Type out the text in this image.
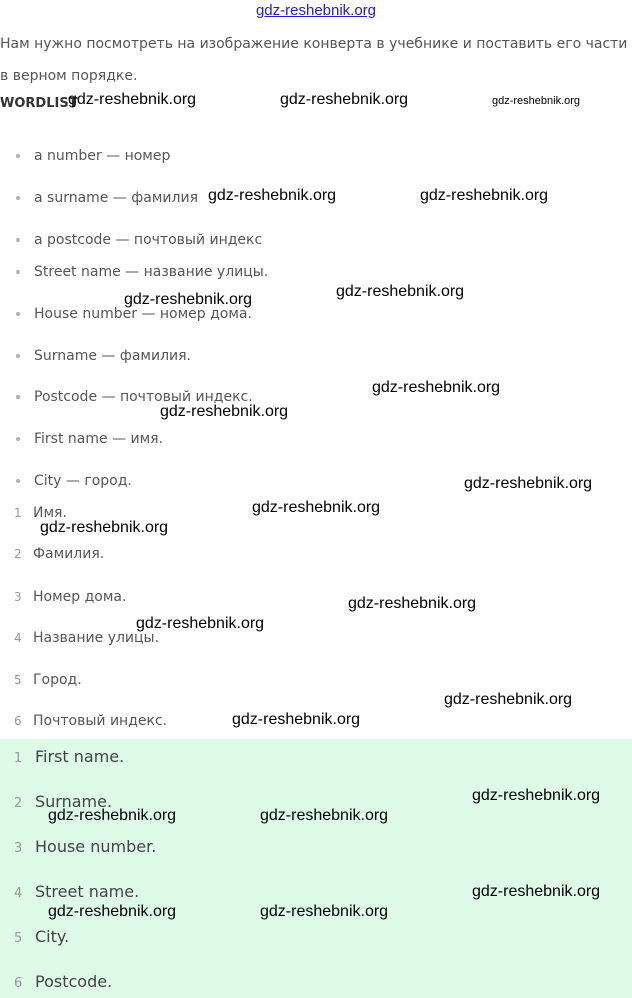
gdz-reshebnik.org
Нам нужно посмотреть на изображение конверта в учебнике и поставить его части в верном порядке.
WORDLIST
a number — номер
a surname — фамилия
a postcode — почтовый индекс
Street name — название улицы.
House number — номер дома.
Surname — фамилия.
Postcode — почтовый индекс.
First name — имя.
City — город.
1 Имя.
2 Фамилия.
3 Номер дома.
4 Название улицы.
5 Город.
6 Почтовый индекс.
1 First name.
2 Surname.
3 House number.
4 Street name.
5 City.
6 Postcode.
gdz-reshebnik.org	gdz-reshebnik.org	gdz-reshebnik.org
gdz-reshebnik.org	gdz-reshebnik.org
gdz-reshebnik.org
gdz-reshebnik.org
gdz-reshebnik.org
gdz-reshebnik.org
gdz-reshebnik.org
gdz-reshebnik.org
gdz-reshebnik.org
gdz-reshebnik.org
gdz-reshebnik.org
gdz-reshebnik.org
gdz-reshebnik.org
gdz-reshebnik.org
gdz-reshebnik.org	gdz-reshebnik.org
gdz-reshebnik.org
gdz-reshebnik.org	gdz-reshebnik.org
